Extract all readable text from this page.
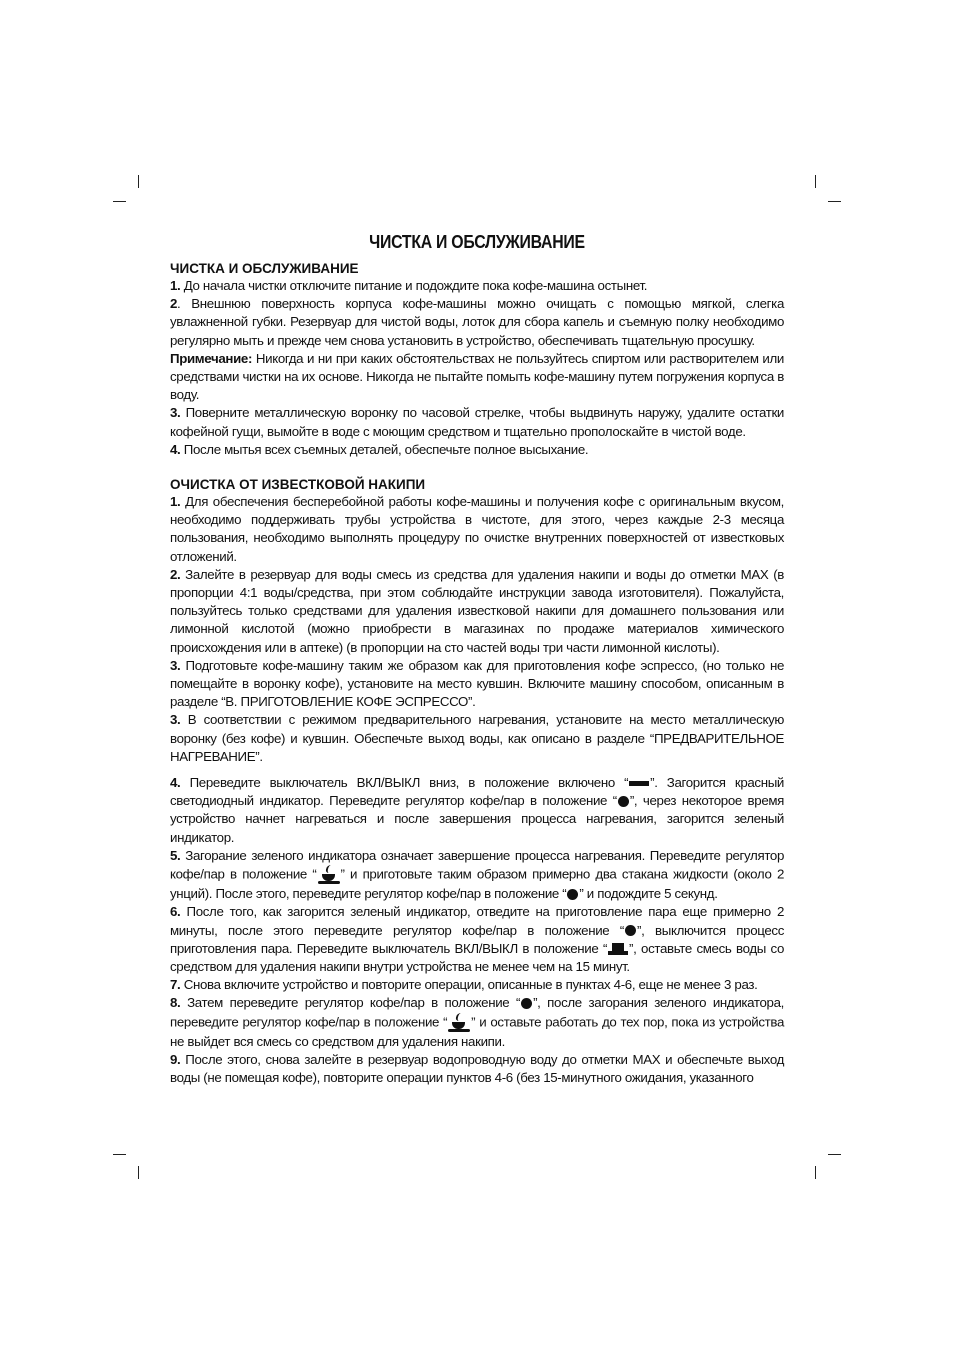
ЧИСТКА И ОБСЛУЖИВАНИЕ
ЧИСТКА И ОБСЛУЖИВАНИЕ

1. До начала чистки отключите питание и подождите пока кофе-машина остынет.

2. Внешнюю поверхность корпуса кофе-машины можно очищать с помощью мягкой, слегка увлажненной губки. Резервуар для чистой воды, лоток для сбора капель и съемную полку необходимо регулярно мыть и прежде чем снова установить в устройство, обеспечивать тщательную просушку.

Примечание: Никогда и ни при каких обстоятельствах не пользуйтесь спиртом или растворителем или средствами чистки на их основе. Никогда не пытайте помыть кофе-машину путем погружения корпуса в воду.

3. Поверните металлическую воронку по часовой стрелке, чтобы выдвинуть наружу, удалите остатки кофейной гущи, вымойте в воде с моющим средством и тщательно прополоскайте в чистой воде.

4. После мытья всех съемных деталей, обеспечьте полное высыхание.

ОЧИСТКА ОТ ИЗВЕСТКОВОЙ НАКИПИ

1. Для обеспечения бесперебойной работы кофе-машины и получения кофе с оригинальным вкусом, необходимо поддерживать трубы устройства в чистоте, для этого, через каждые 2-3 месяца пользования, необходимо выполнять процедуру по очистке внутренних поверхностей от известковых отложений.

2. Залейте в резервуар для воды смесь из средства для удаления накипи и воды до отметки MAX (в пропорции 4:1 воды/средства, при этом соблюдайте инструкции завода изготовителя). Пожалуйста, пользуйтесь только средствами для удаления известковой накипи для домашнего пользования или лимонной кислотой (можно приобрести в магазинах по продаже материалов химического происхождения или в аптеке) (в пропорции на сто частей воды три части лимонной кислоты).

3. Подготовьте кофе-машину таким же образом как для приготовления кофе эспрессо, (но только не помещайте в воронку кофе), установите на место кувшин. Включите машину способом, описанным в разделе “B. ПРИГОТОВЛЕНИЕ КОФЕ ЭСПРЕССО”.

3. В соответствии с режимом предварительного нагревания, установите на место металлическую воронку (без кофе) и кувшин. Обеспечьте выход воды, как описано в разделе “ПРЕДВАРИТЕЛЬНОЕ НАГРЕВАНИЕ”.

4. Переведите выключатель ВКЛ/ВЫКЛ вниз, в положение включено “ ”. Загорится красный светодиодный индикатор. Переведите регулятор кофе/пар в положение “ ”, через некоторое время устройство начнет нагреваться и после завершения процесса нагревания, загорится зеленый индикатор.

5. Загорание зеленого индикатора означает завершение процесса нагревания. Переведите регулятор кофе/пар в положение “ ” и приготовьте таким образом примерно два стакана жидкости (около 2 унций). После этого, переведите регулятор кофе/пар в положение “ ” и подождите 5 секунд.

6. После того, как загорится зеленый индикатор, отведите на приготовление пара еще примерно 2 минуты, после этого переведите регулятор кофе/пар в положение “ ”, выключится процесс приготовления пара. Переведите выключатель ВКЛ/ВЫКЛ в положение “ ”, оставьте смесь воды со средством для удаления накипи внутри устройства не менее чем на 15 минут.

7. Снова включите устройство и повторите операции, описанные в пунктах 4-6, еще не менее 3 раз.

8. Затем переведите регулятор кофе/пар в положение “ ”, после загорания зеленого индикатора, переведите регулятор кофе/пар в положение “ ” и оставьте работать до тех пор, пока из устройства не выйдет вся смесь со средством для удаления накипи.

9. После этого, снова залейте в резервуар водопроводную воду до отметки MAX и обеспечьте выход воды (не помещая кофе), повторите операции пунктов 4-6 (без 15-минутного ожидания, указанного
